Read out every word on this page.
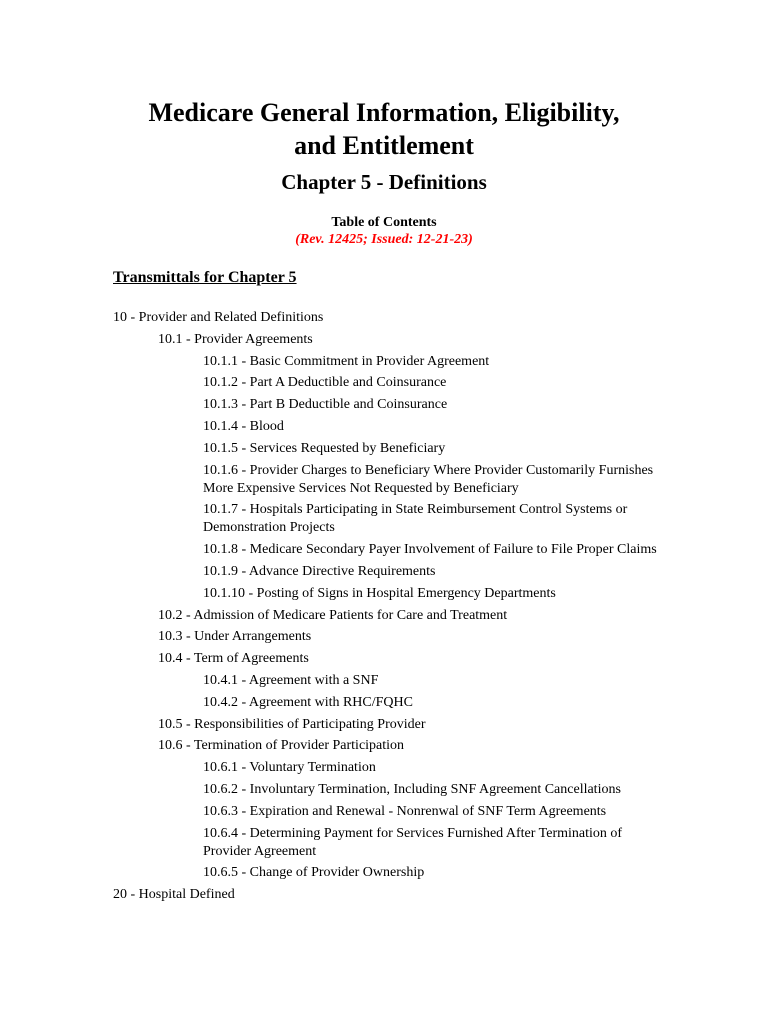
Medicare General Information, Eligibility,
and Entitlement
Chapter 5 - Definitions
Table of Contents
(Rev. 12425; Issued: 12-21-23)
Transmittals for Chapter 5
10 - Provider and Related Definitions
10.1 - Provider Agreements
10.1.1 - Basic Commitment in Provider Agreement
10.1.2 - Part A Deductible and Coinsurance
10.1.3 - Part B Deductible and Coinsurance
10.1.4 - Blood
10.1.5 - Services Requested by Beneficiary
10.1.6 - Provider Charges to Beneficiary Where Provider Customarily Furnishes More Expensive Services Not Requested by Beneficiary
10.1.7 - Hospitals Participating in State Reimbursement Control Systems or Demonstration Projects
10.1.8 - Medicare Secondary Payer Involvement of Failure to File Proper Claims
10.1.9 - Advance Directive Requirements
10.1.10 - Posting of Signs in Hospital Emergency Departments
10.2 - Admission of Medicare Patients for Care and Treatment
10.3 - Under Arrangements
10.4 - Term of Agreements
10.4.1 - Agreement with a SNF
10.4.2 - Agreement with RHC/FQHC
10.5 - Responsibilities of Participating Provider
10.6 - Termination of Provider Participation
10.6.1 - Voluntary Termination
10.6.2 - Involuntary Termination, Including SNF Agreement Cancellations
10.6.3 - Expiration and Renewal - Nonrenwal of SNF Term Agreements
10.6.4 - Determining Payment for Services Furnished After Termination of Provider Agreement
10.6.5 - Change of Provider Ownership
20 - Hospital Defined
